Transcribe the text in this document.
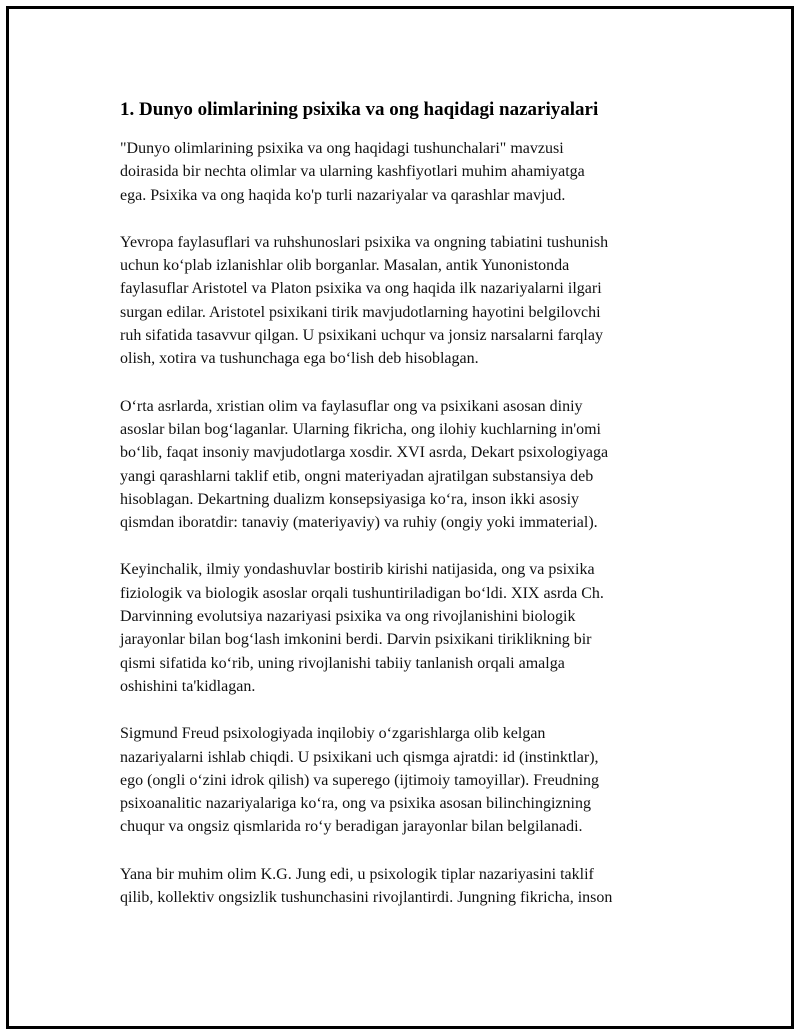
1. Dunyo olimlarining psixika va ong haqidagi nazariyalari

"Dunyo olimlarining psixika va ong haqidagi tushunchalari" mavzusi
doirasida bir nechta olimlar va ularning kashfiyotlari muhim ahamiyatga
ega. Psixika va ong haqida ko'p turli nazariyalar va qarashlar mavjud.

Yevropa faylasuflari va ruhshunoslari psixika va ongning tabiatini tushunish
uchun ko‘plab izlanishlar olib borganlar. Masalan, antik Yunonistonda
faylasuflar Aristotel va Platon psixika va ong haqida ilk nazariyalarni ilgari
surgan edilar. Aristotel psixikani tirik mavjudotlarning hayotini belgilovchi
ruh sifatida tasavvur qilgan. U psixikani uchqur va jonsiz narsalarni farqlay
olish, xotira va tushunchaga ega bo‘lish deb hisoblagan.

O‘rta asrlarda, xristian olim va faylasuflar ong va psixikani asosan diniy
asoslar bilan bog‘laganlar. Ularning fikricha, ong ilohiy kuchlarning in'omi
bo‘lib, faqat insoniy mavjudotlarga xosdir. XVI asrda, Dekart psixologiyaga
yangi qarashlarni taklif etib, ongni materiyadan ajratilgan substansiya deb
hisoblagan. Dekartning dualizm konsepsiyasiga ko‘ra, inson ikki asosiy
qismdan iboratdir: tanaviy (materiyaviy) va ruhiy (ongiy yoki immaterial).

Keyinchalik, ilmiy yondashuvlar bostirib kirishi natijasida, ong va psixika
fiziologik va biologik asoslar orqali tushuntiriladigan bo‘ldi. XIX asrda Ch.
Darvinning evolutsiya nazariyasi psixika va ong rivojlanishini biologik
jarayonlar bilan bog‘lash imkonini berdi. Darvin psixikani tiriklikning bir
qismi sifatida ko‘rib, uning rivojlanishi tabiiy tanlanish orqali amalga
oshishini ta'kidlagan.

Sigmund Freud psixologiyada inqilobiy o‘zgarishlarga olib kelgan
nazariyalarni ishlab chiqdi. U psixikani uch qismga ajratdi: id (instinktlar),
ego (ongli o‘zini idrok qilish) va superego (ijtimoiy tamoyillar). Freudning
psixoanalitic nazariyalariga ko‘ra, ong va psixika asosan bilinchingizning
chuqur va ongsiz qismlarida ro‘y beradigan jarayonlar bilan belgilanadi.

Yana bir muhim olim K.G. Jung edi, u psixologik tiplar nazariyasini taklif
qilib, kollektiv ongsizlik tushunchasini rivojlantirdi. Jungning fikricha, inson
